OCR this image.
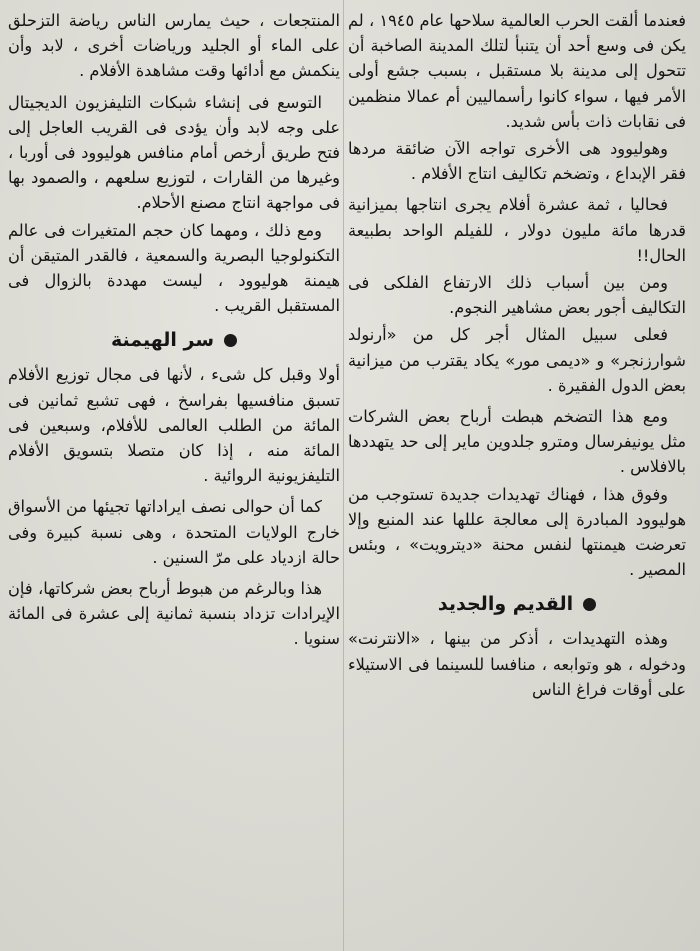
فعندما ألقت الحرب العالمية سلاحها عام ١٩٤٥ ، لم يكن فى وسع أحد أن يتنبأ لتلك المدينة الصاخبة أن تتحول إلى مدينة بلا مستقبل ، بسبب جشع أولى الأمر فيها ، سواء كانوا رأسماليين أم عمالا منظمين فى نقابات ذات بأس شديد.

وهوليوود هى الأخرى تواجه الآن ضائقة مردها فقر الإبداع ، وتضخم تكاليف انتاج الأفلام .

فحاليا ، ثمة عشرة أفلام يجرى انتاجها بميزانية قدرها مائة مليون دولار ، للفيلم الواحد بطبيعة الحال!!

ومن بين أسباب ذلك الارتفاع الفلكى فى التكاليف أجور بعض مشاهير النجوم.

فعلى سبيل المثال أجر كل من «أرنولد شوارزنجر» و «ديمى مور» يكاد يقترب من ميزانية بعض الدول الفقيرة .

ومع هذا التضخم هبطت أرباح بعض الشركات مثل يونيفرسال ومترو جلدوين ماير إلى حد يتهددها بالافلاس .

وفوق هذا ، فهناك تهديدات جديدة تستوجب من هوليوود المبادرة إلى معالجة عللها عند المنبع وإلا تعرضت هيمنتها لنفس محنة «ديترويت» ، وبئس المصير .

القديم والجديد

وهذه التهديدات ، أذكر من بينها ، «الانترنت» ودخوله ، هو وتوابعه ، منافسا للسينما فى الاستيلاء على أوقات فراغ الناس

المنتجعات ، حيث يمارس الناس رياضة التزحلق على الماء أو الجليد ورياضات أخرى ، لابد وأن ينكمش مع أدائها وقت مشاهدة الأفلام .

التوسع فى إنشاء شبكات التليفزيون الديجيتال على وجه لابد وأن يؤدى فى القريب العاجل إلى فتح طريق أرخص أمام منافس هوليوود فى أوربا ، وغيرها من القارات ، لتوزيع سلعهم ، والصمود بها فى مواجهة انتاج مصنع الأحلام.

ومع ذلك ، ومهما كان حجم المتغيرات فى عالم التكنولوجيا البصرية والسمعية ، فالقدر المتيقن أن هيمنة هوليوود ، ليست مهددة بالزوال فى المستقبل القريب .

سر الهيمنة

أولا وقبل كل شىء ، لأنها فى مجال توزيع الأفلام تسبق منافسيها بفراسخ ، فهى تشبع ثمانين فى المائة من الطلب العالمى للأفلام، وسبعين فى المائة منه ، إذا كان متصلا بتسويق الأفلام التليفزيونية الروائية .

كما أن حوالى نصف ايراداتها تجيئها من الأسواق خارج الولايات المتحدة ، وهى نسبة كبيرة وفى حالة ازدياد على مرّ السنين .

هذا وبالرغم من هبوط أرباح بعض شركاتها، فإن الإيرادات تزداد بنسبة ثمانية إلى عشرة فى المائة سنويا .
